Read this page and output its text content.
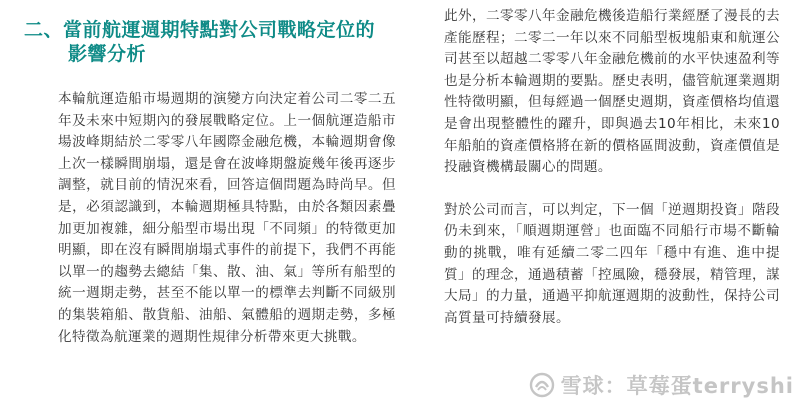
二、當前航運週期特點對公司戰略定位的
影響分析

本輪航運造船市場週期的演變方向決定着公司二零二五年及未來中短期內的發展戰略定位。上一個航運造船市場波峰期結於二零零八年國際金融危機，本輪週期會像上次一樣瞬間崩塌，還是會在波峰期盤旋幾年後再逐步調整，就目前的情況來看，回答這個問題為時尚早。但是，必須認識到，本輪週期極具特點，由於各類因素疊加更加複雜，細分船型市場出現「不同頻」的特徵更加明顯，即在沒有瞬間崩塌式事件的前提下，我們不再能以單一的趨勢去總結「集、散、油、氣」等所有船型的統一週期走勢，甚至不能以單一的標準去判斷不同級別的集裝箱船、散貨船、油船、氣體船的週期走勢，多極化特徵為航運業的週期性規律分析帶來更大挑戰。

此外，二零零八年金融危機後造船行業經歷了漫長的去產能歷程；二零二一年以來不同船型板塊船東和航運公司甚至以超越二零零八年金融危機前的水平快速盈利等也是分析本輪週期的要點。歷史表明，儘管航運業週期性特徵明顯，但每經過一個歷史週期，資產價格均值還是會出現整體性的躍升，即與過去10年相比，未來10年船舶的資產價格將在新的價格區間波動，資產價值是投融資機構最關心的問題。

對於公司而言，可以判定，下一個「逆週期投資」階段仍未到來，「順週期運營」也面臨不同船行市場不斷輪動的挑戰，唯有延續二零二四年「穩中有進、進中提質」的理念，通過積蓄「控風險，穩發展，精管理，謀大局」的力量，通過平抑航運週期的波動性，保持公司高質量可持續發展。

雪球：草莓蛋terryshi
